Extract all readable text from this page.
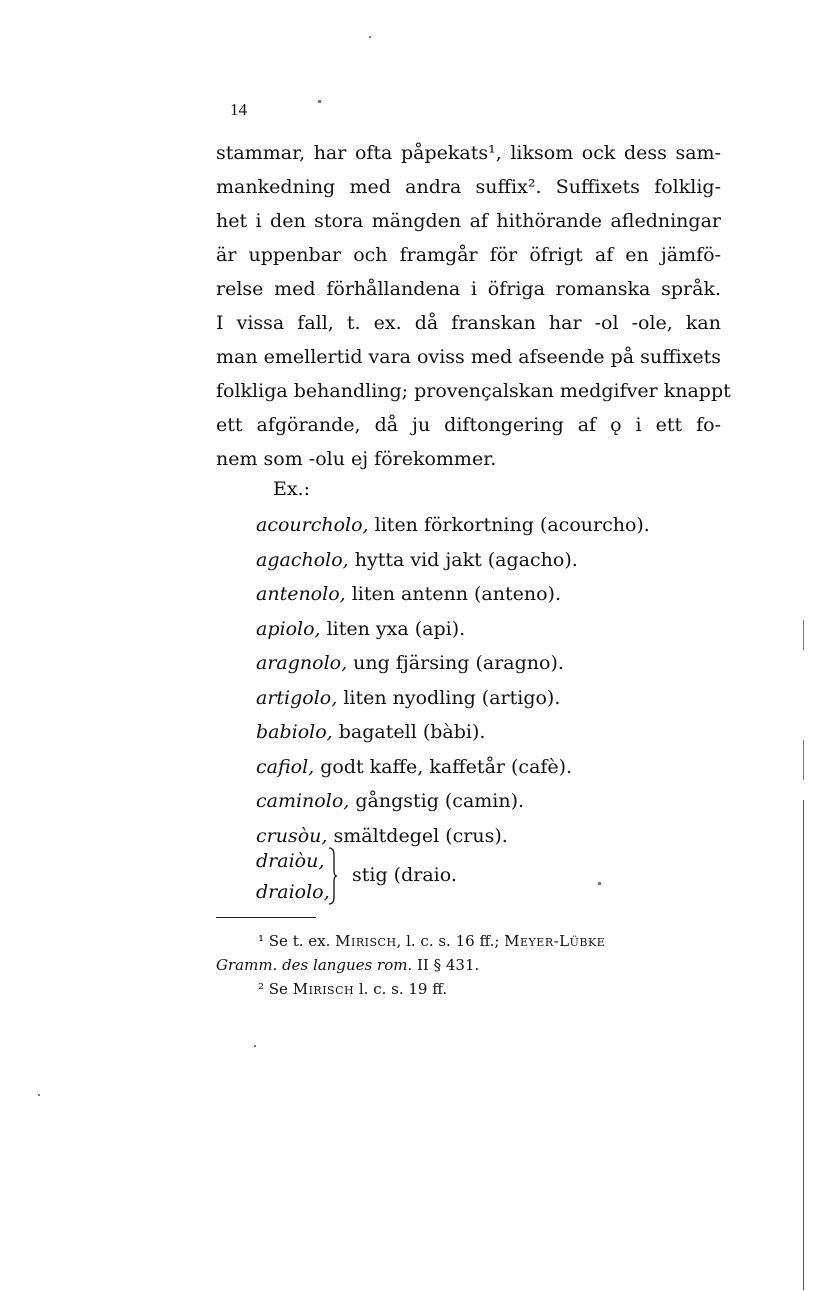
14
stammar, har ofta påpekats¹, liksom ock dess sam-
mankedning med andra suffix². Suffixets folklig-
het i den stora mängden af hithörande afledningar
är uppenbar och framgår för öfrigt af en jämfö-
relse med förhållandena i öfriga romanska språk.
I vissa fall, t. ex. då franskan har -ol -ole, kan
man emellertid vara oviss med afseende på suffixets
folkliga behandling; provençalskan medgifver knappt
ett afgörande, då ju diftongering af ǫ i ett fo-
nem som -olu ej förekommer.
Ex.:
acourcholo, liten förkortning (acourcho).
agacholo, hytta vid jakt (agacho).
antenolo, liten antenn (anteno).
apiolo, liten yxa (api).
aragnolo, ung fjärsing (aragno).
artigolo, liten nyodling (artigo).
babiolo, bagatell (bàbi).
cafiol, godt kaffe, kaffetår (cafè).
caminolo, gångstig (camin).
crusòu, smältdegel (crus).
draiòu,
draiolo,
stig (draio.
¹ Se t. ex. Mirisch, l. c. s. 16 ff.; Meyer-Lübke
Gramm. des langues rom. II § 431.
² Se Mirisch l. c. s. 19 ff.
